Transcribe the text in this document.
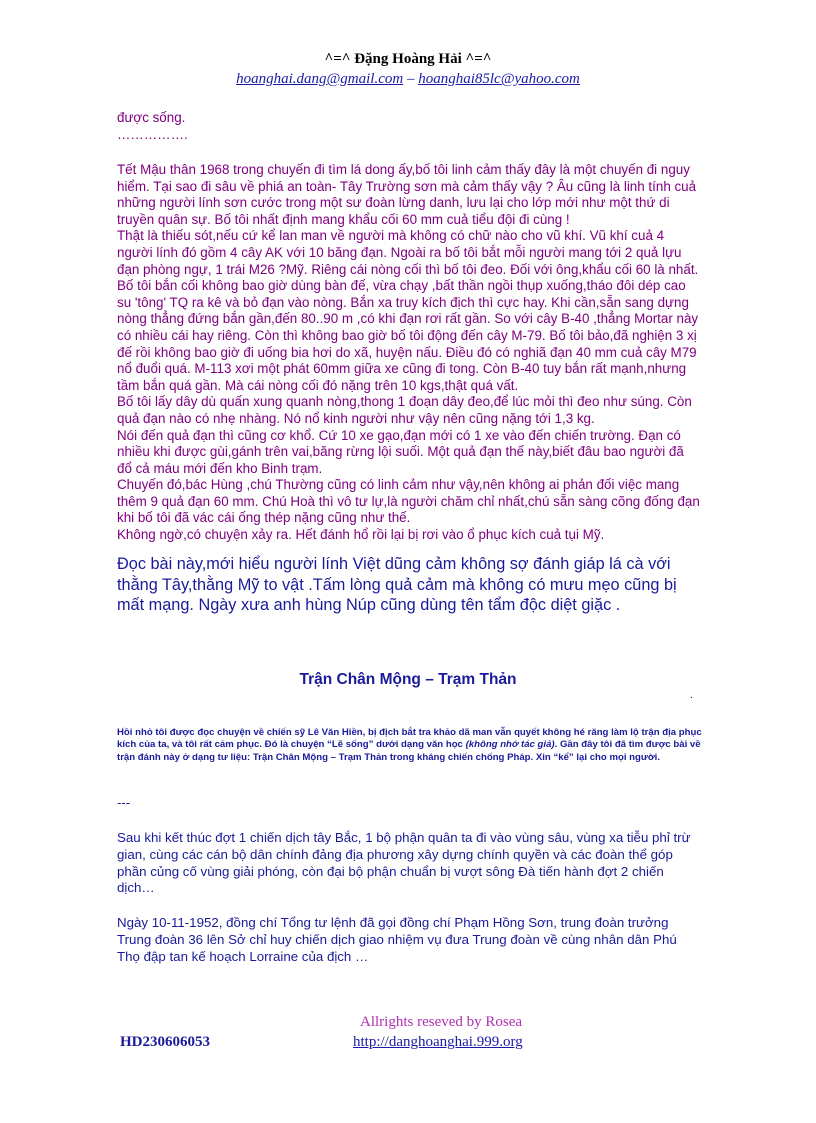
^=^ Đặng Hoàng Hải ^=^
hoanghai.dang@gmail.com – hoanghai85lc@yahoo.com

được sống.

…………….

Tết Mậu thân 1968 trong chuyến đi tìm lá dong ấy,bố tôi linh cảm thấy đây là một chuyến đi nguy hiểm. Tại sao đi sâu về phiá an toàn- Tây Trường sơn mà cảm thấy vậy ? Âu cũng là linh tính cuả những người lính sơn cước trong một sư đoàn lừng danh, lưu lại cho lớp mới như một thứ di truyền quân sự. Bố tôi nhất định mang khẩu cối 60 mm cuả tiểu đội đi cùng !

Thật là thiếu sót,nếu cứ kể lan man về người mà không có chữ nào cho vũ khí. Vũ khí cuả 4 người lính đó gồm 4 cây AK với 10 băng đạn. Ngoài ra bố tôi bắt mỗi người mang tới 2 quả lựu đạn phòng ngự, 1 trái M26 ?Mỹ. Riêng cái nòng cối thì bố tôi đeo. Đối với ông,khẩu cối 60 là nhất. Bố tôi bắn cối không bao giờ dùng bàn đế, vừa chạy ,bất thần ngồi thụp xuống,tháo đôi dép cao su 'tông' TQ ra kê và bỏ đạn vào nòng. Bắn xa truy kích địch thì cực hay. Khi cần,sẵn sang dựng nòng thẳng đứng bắn gần,đến 80..90 m ,có khi đạn rơi rất gần. So với cây B-40 ,thẳng Mortar này có nhiều cái hay riêng. Còn thì không bao giờ bố tôi động đến cây M-79. Bố tôi bảo,đã nghiện 3 xị đế rồi không bao giờ đi uống bia hơi do xã, huyện nấu. Điều đó có nghiã đạn 40 mm cuả cây M79 nổ đuổi quá. M-113 xơi một phát 60mm giữa xe cũng đi tong. Còn B-40 tuy bắn rất mạnh,nhưng tầm bắn quá gần. Mà cái nòng cối đó nặng trên 10 kgs,thật quá vất.

Bố tôi lấy dây dù quấn xung quanh nòng,thong 1 đoạn dây đeo,để lúc mỏi thì đeo như súng. Còn quả đạn nào có nhẹ nhàng. Nó nổ kinh người như vậy nên cũng nặng tới 1,3 kg.

Nói đến quả đạn thì cũng cơ khổ. Cứ 10 xe gạo,đạn mới có 1 xe vào đến chiến trường. Đạn có nhiều khi được gùi,gánh trên vai,băng rừng lội suối. Một quả đạn thế này,biết đâu bao người đã đổ cả máu mới đến kho Binh trạm.

Chuyến đó,bác Hùng ,chú Thường cũng có linh cảm như vậy,nên không ai phản đối việc mang thêm 9 quả đạn 60 mm. Chú Hoà thì vô tư lự,là người chăm chỉ nhất,chú sẵn sàng cõng đống đạn khi bố tôi đã vác cái ống thép nặng cũng như thế.

Không ngờ,có chuyện xảy ra. Hết đánh hổ rồi lại bị rơi vào ổ phục kích cuả tụi Mỹ.

Đọc bài này,mới hiểu người lính Việt dũng cảm không sợ đánh giáp lá cà với thằng Tây,thằng Mỹ to vật .Tấm lòng quả cảm mà không có mưu mẹo cũng bị mất mạng. Ngày xưa anh hùng Núp cũng dùng tên tẩm độc diệt giặc .
Trận Chân Mộng – Trạm Thản
.
Hồi nhỏ tôi được đọc chuyện về chiến sỹ Lê Văn Hiền, bị địch bắt tra khảo dã man vẫn quyết không hé răng làm lộ trận địa phục kích của ta, và tôi rất cảm phục. Đó là chuyện “Lẽ sống” dưới dạng văn học (không nhớ tác giả). Gần đây tôi đã tìm được bài về trận đánh này ở dạng tư liệu: Trận Chân Mộng – Trạm Thản trong kháng chiến chống Pháp. Xin “kể” lại cho mọi người.
---
Sau khi kết thúc đợt 1 chiến dịch tây Bắc, 1 bộ phận quân ta đi vào vùng sâu, vùng xa tiễu phỉ trừ gian, cùng các cán bộ dân chính đảng địa phương xây dựng chính quyền và các đoàn thể góp phần củng cố vùng giải phóng, còn đại bộ phận chuẩn bị vượt sông Đà tiến hành đợt 2 chiến dịch…
Ngày 10-11-1952, đồng chí Tổng tư lệnh đã gọi đồng chí Phạm Hồng Sơn, trung đoàn trưởng Trung đoàn 36 lên Sở chỉ huy chiến dịch giao nhiệm vụ đưa Trung đoàn về cùng nhân dân Phú Thọ đập tan kế hoạch Lorraine của địch …
Allrights reseved by Rosea
HD230606053	http://danghoanghai.999.org
